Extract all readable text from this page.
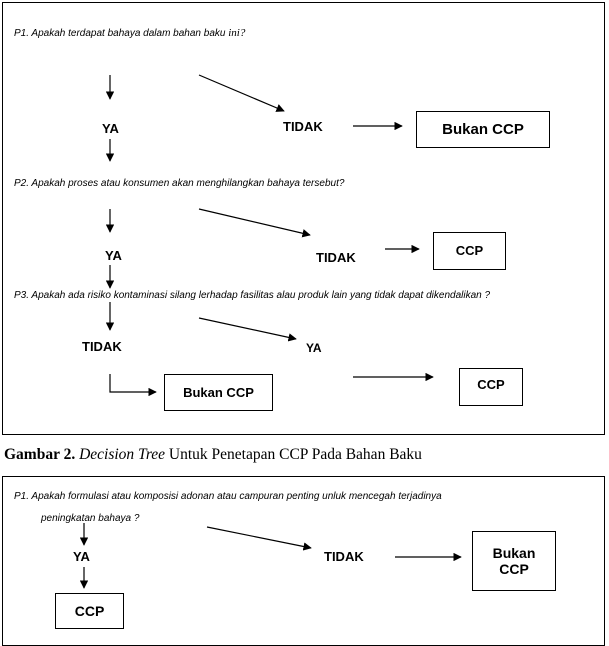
P1. Apakah terdapat bahaya dalam bahan baku ini?
YA	TIDAK	Bukan CCP
P2. Apakah proses atau konsumen akan menghilangkan bahaya tersebut?
YA	TIDAK	CCP
P3. Apakah ada risiko kontaminasi silang lerhadap fasilitas alau produk lain yang tidak dapat dikendalikan ?
TIDAK	YA
Bukan CCP
CCP
Gambar 2. Decision Tree Untuk Penetapan CCP Pada Bahan Baku
P1. Apakah formulasi atau komposisi adonan atau campuran penting unluk mencegah terjadinya
peningkatan bahaya ?
YA	TIDAK	Bukan CCP
CCP
